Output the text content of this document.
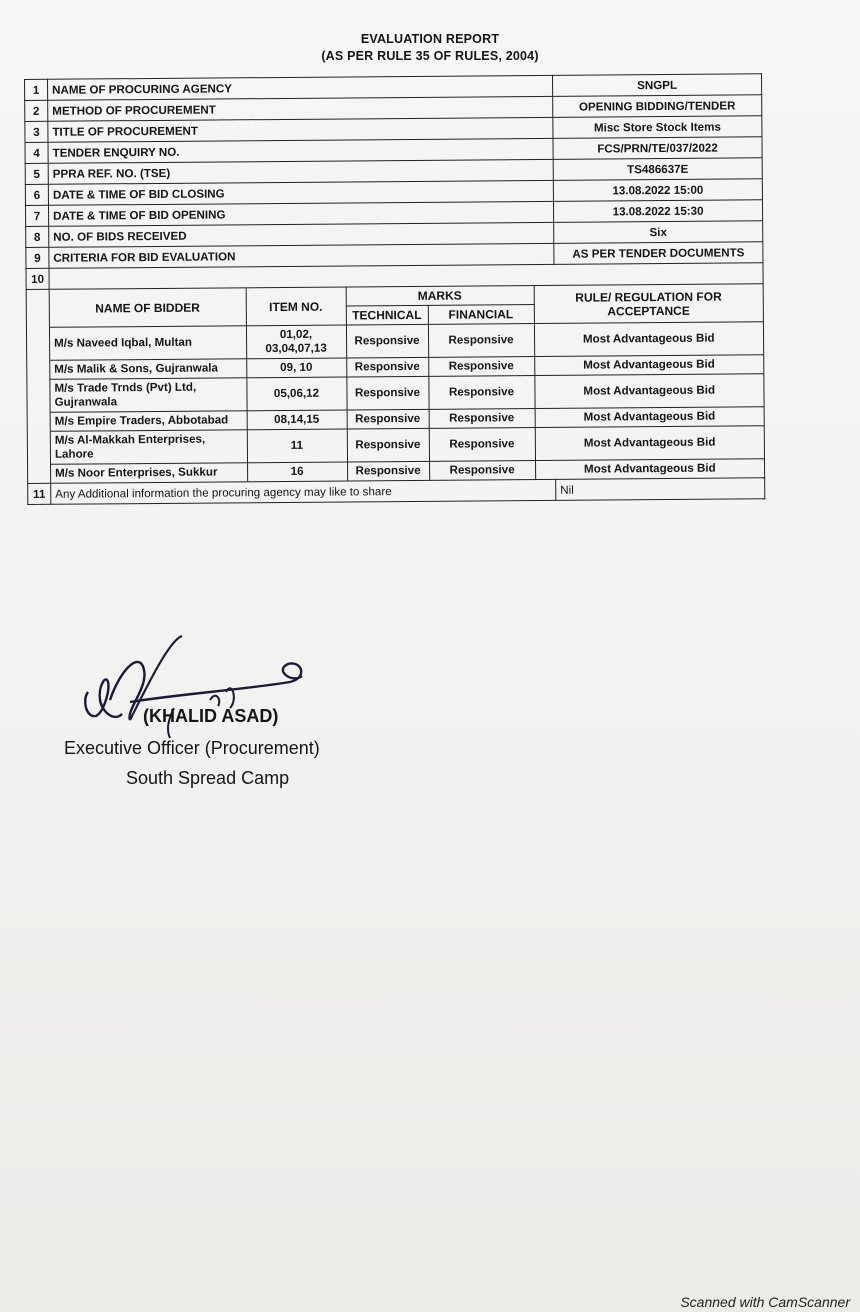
EVALUATION REPORT
(AS PER RULE 35 OF RULES, 2004)
1	NAME OF PROCURING AGENCY	SNGPL
2	METHOD OF PROCUREMENT	OPENING BIDDING/TENDER
3	TITLE OF PROCUREMENT	Misc Store Stock Items
4	TENDER ENQUIRY NO.	FCS/PRN/TE/037/2022
5	PPRA REF. NO. (TSE)	TS486637E
6	DATE & TIME OF BID CLOSING	13.08.2022 15:00
7	DATE & TIME OF BID OPENING	13.08.2022 15:30
8	NO. OF BIDS RECEIVED	Six
9	CRITERIA FOR BID EVALUATION	AS PER TENDER DOCUMENTS
10	

NAME OF BIDDER	ITEM NO.	MARKS	RULE/ REGULATION FOR ACCEPTANCE
TECHNICAL	FINANCIAL
M/s Naveed Iqbal, Multan	01,02, 03,04,07,13	Responsive	Responsive	Most Advantageous Bid
M/s Malik & Sons, Gujranwala	09, 10	Responsive	Responsive	Most Advantageous Bid
M/s Trade Trnds (Pvt) Ltd, Gujranwala	05,06,12	Responsive	Responsive	Most Advantageous Bid
M/s Empire Traders, Abbotabad	08,14,15	Responsive	Responsive	Most Advantageous Bid
M/s Al-Makkah Enterprises, Lahore	11	Responsive	Responsive	Most Advantageous Bid
M/s Noor Enterprises, Sukkur	16	Responsive	Responsive	Most Advantageous Bid

11	Any Additional information the procuring agency may like to share	Nil
(KHALID ASAD)
Executive Officer (Procurement)
South Spread Camp
Scanned with CamScanner
